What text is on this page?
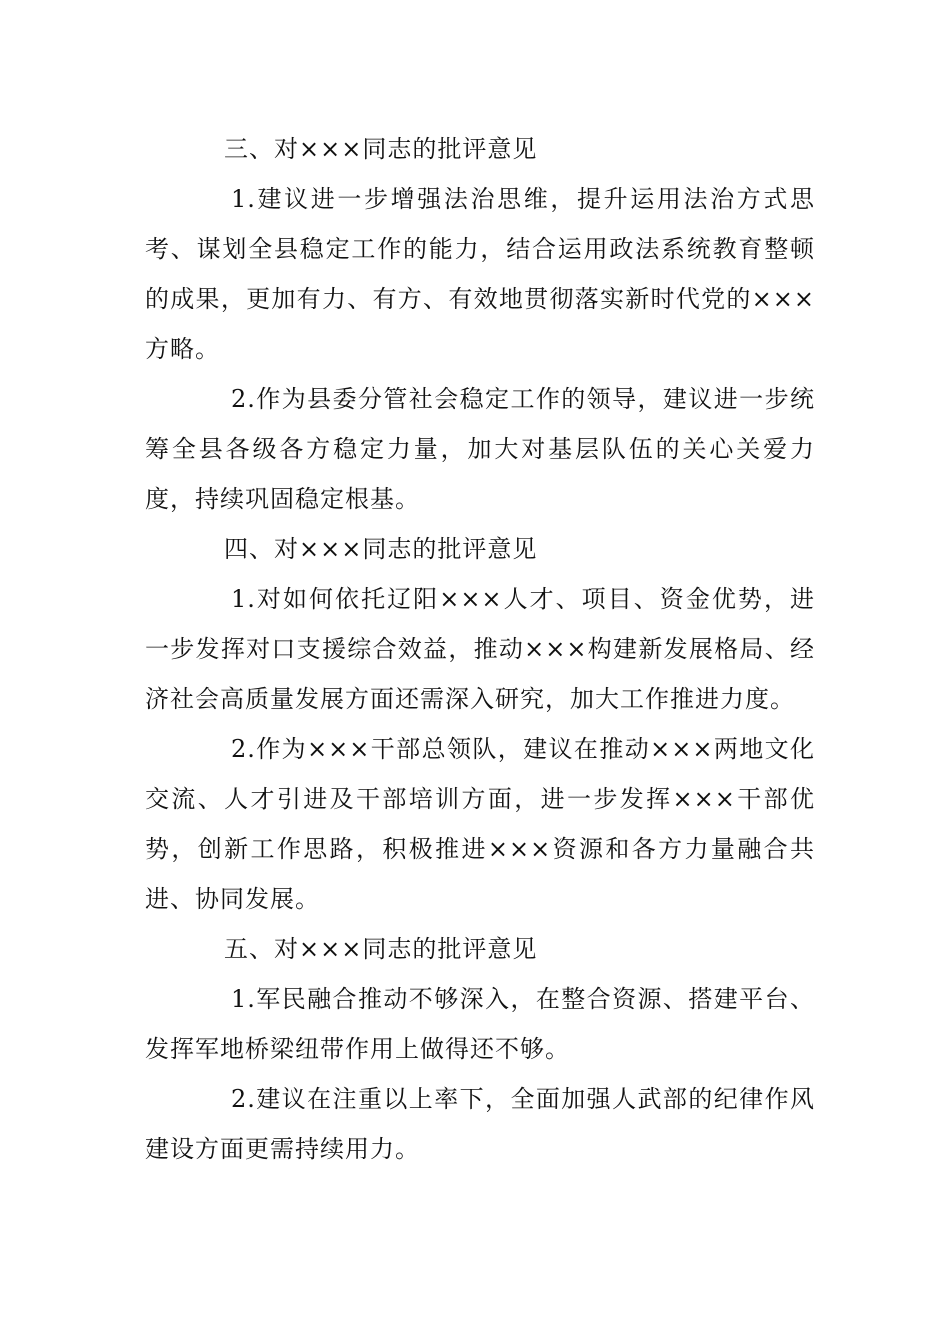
三、对×××同志的批评意见

1.建议进一步增强法治思维，提升运用法治方式思考、谋划全县稳定工作的能力，结合运用政法系统教育整顿的成果，更加有力、有方、有效地贯彻落实新时代党的×××方略。

2.作为县委分管社会稳定工作的领导，建议进一步统筹全县各级各方稳定力量，加大对基层队伍的关心关爱力度，持续巩固稳定根基。

四、对×××同志的批评意见

1.对如何依托辽阳×××人才、项目、资金优势，进一步发挥对口支援综合效益，推动×××构建新发展格局、经济社会高质量发展方面还需深入研究，加大工作推进力度。

2.作为×××干部总领队，建议在推动×××两地文化交流、人才引进及干部培训方面，进一步发挥×××干部优势，创新工作思路，积极推进×××资源和各方力量融合共进、协同发展。

五、对×××同志的批评意见

1.军民融合推动不够深入，在整合资源、搭建平台、发挥军地桥梁纽带作用上做得还不够。

2.建议在注重以上率下，全面加强人武部的纪律作风建设方面更需持续用力。
